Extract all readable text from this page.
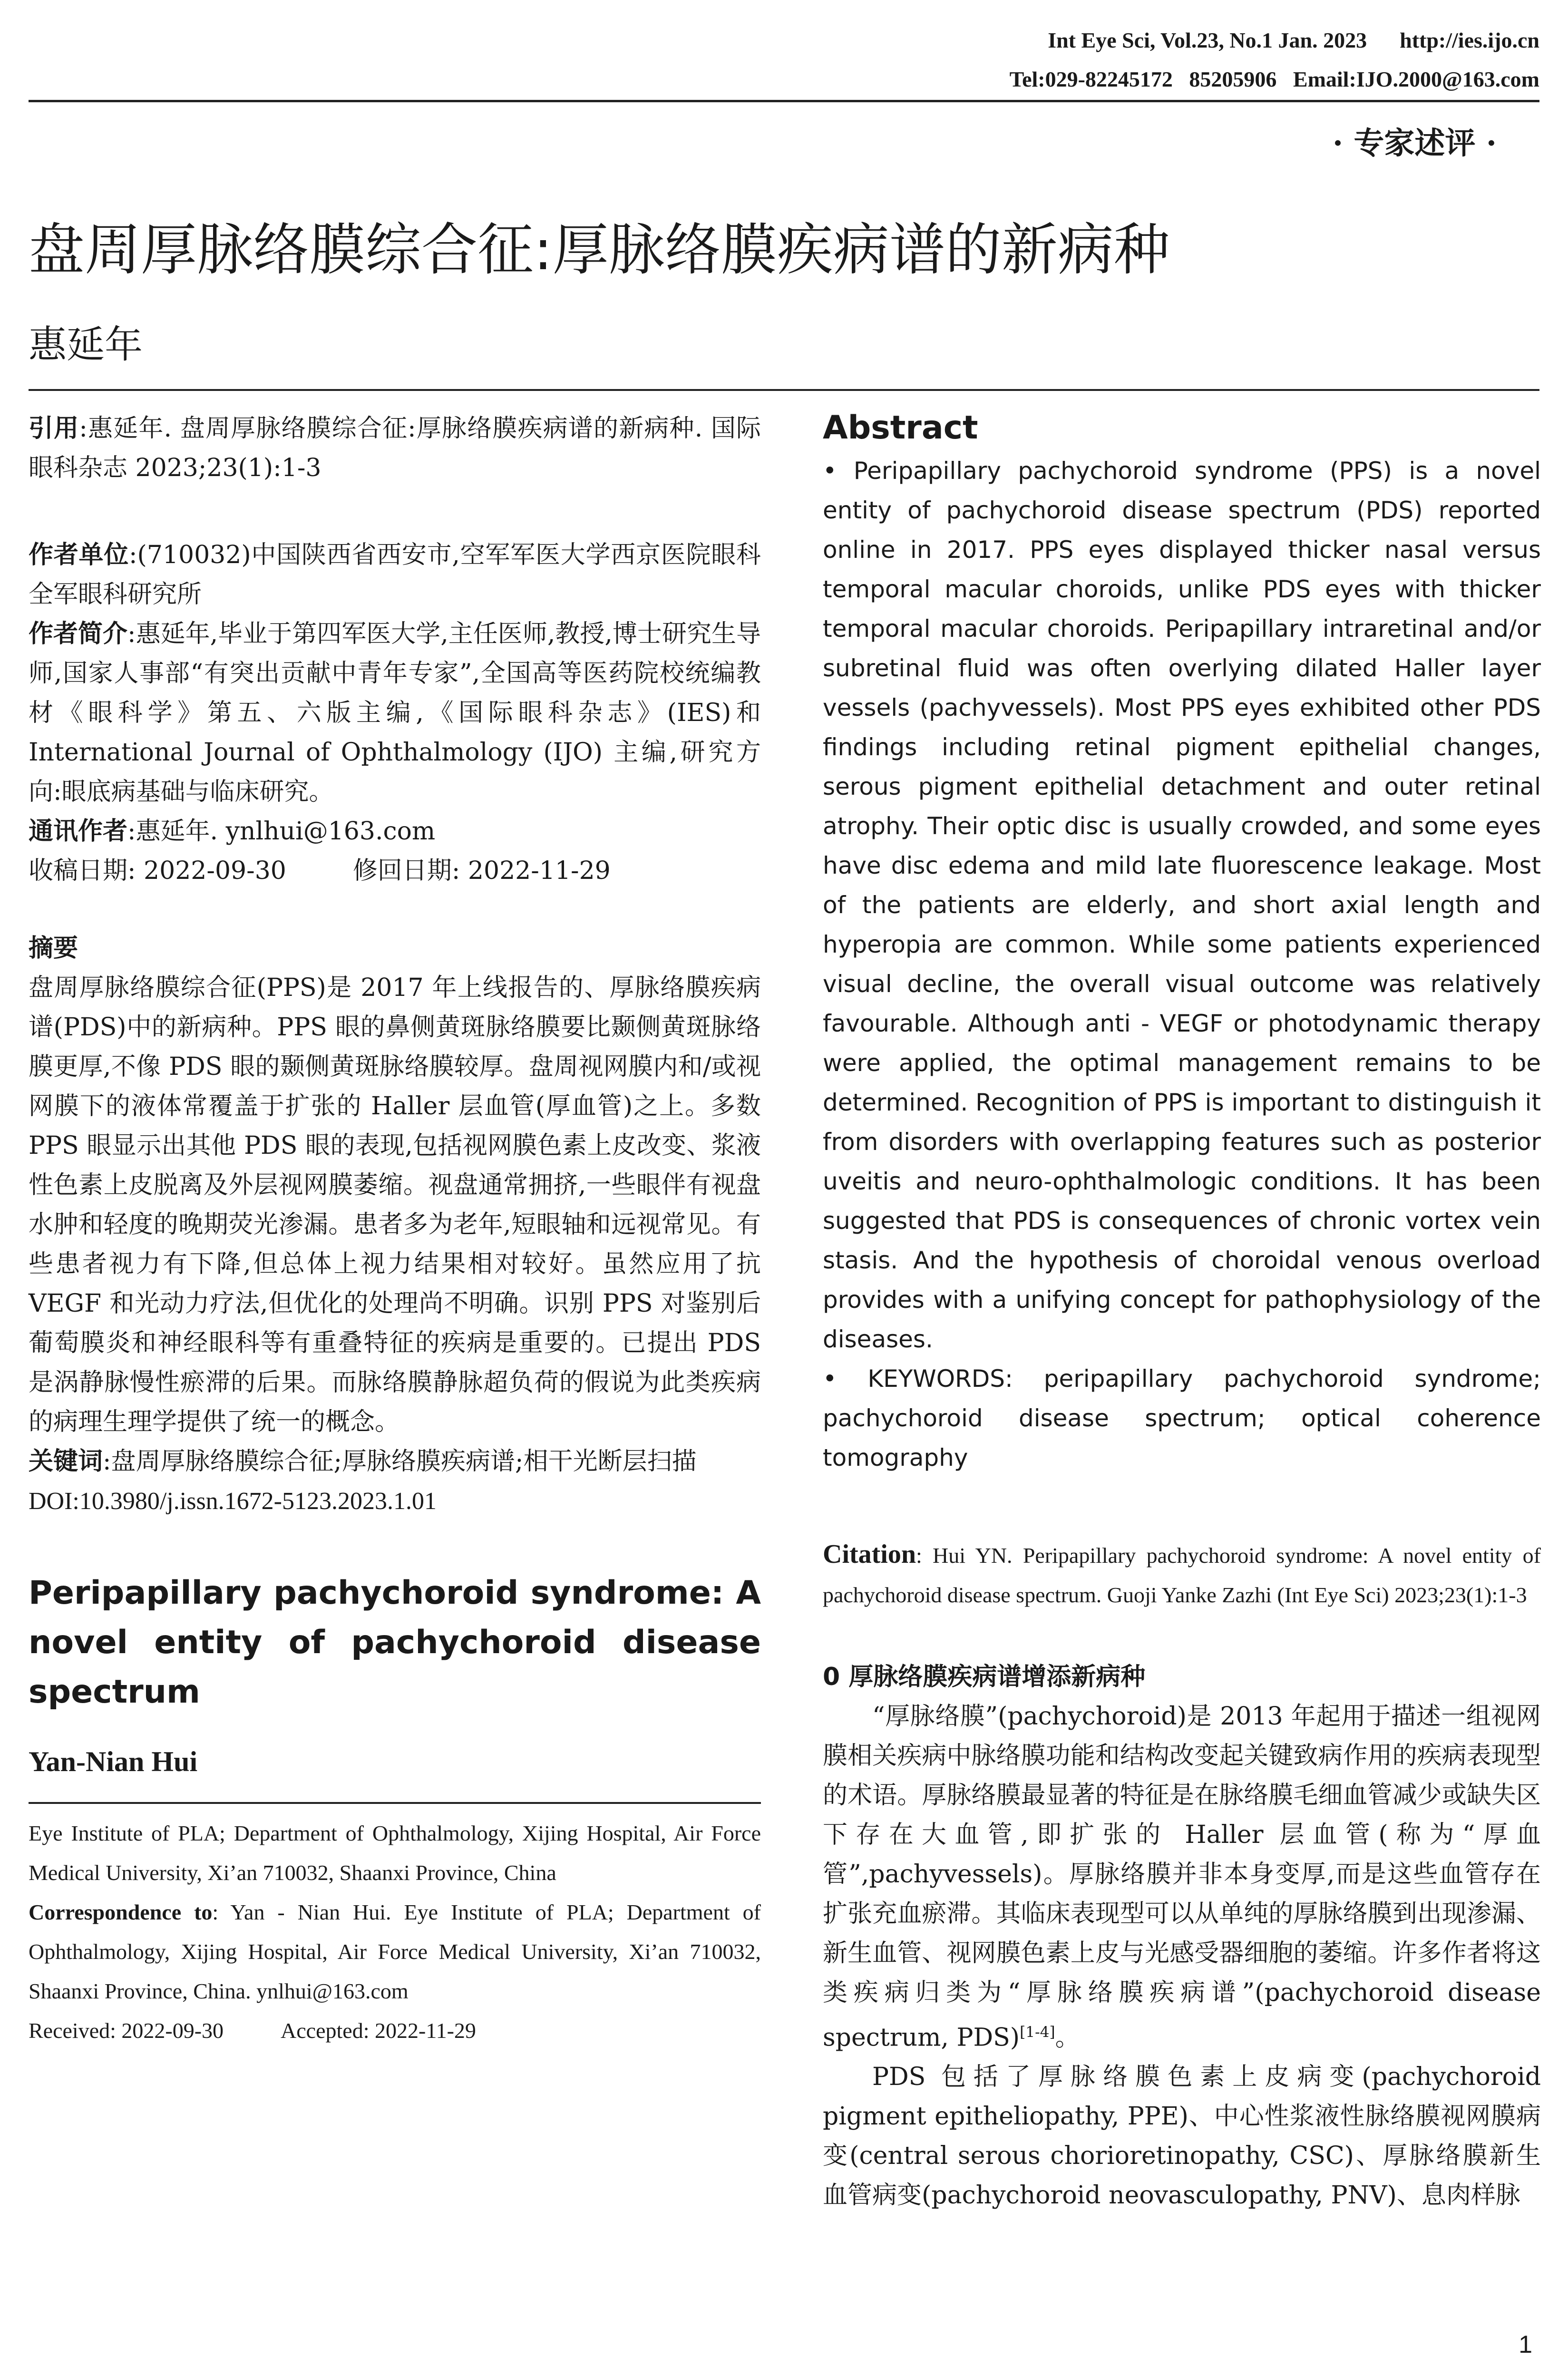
Int Eye Sci, Vol.23, No.1 Jan. 2023      http://ies.ijo.cn
Tel:029-82245172   85205906   Email:IJO.2000@163.com
· 专家述评 ·
盘周厚脉络膜综合征:厚脉络膜疾病谱的新病种
惠延年

引用:惠延年. 盘周厚脉络膜综合征:厚脉络膜疾病谱的新病种. 国际眼科杂志 2023;23(1):1-3

作者单位:(710032)中国陕西省西安市,空军军医大学西京医院眼科 全军眼科研究所

作者简介:惠延年,毕业于第四军医大学,主任医师,教授,博士研究生导师,国家人事部“有突出贡献中青年专家”,全国高等医药院校统编教材《眼科学》第五、六版主编,《国际眼科杂志》(IES)和 International Journal of Ophthalmology (IJO) 主编,研究方向:眼底病基础与临床研究。

通讯作者:惠延年. ynlhui@163.com

收稿日期: 2022-09-30	修回日期: 2022-11-29

摘要

盘周厚脉络膜综合征(PPS)是 2017 年上线报告的、厚脉络膜疾病谱(PDS)中的新病种。PPS 眼的鼻侧黄斑脉络膜要比颞侧黄斑脉络膜更厚,不像 PDS 眼的颞侧黄斑脉络膜较厚。盘周视网膜内和/或视网膜下的液体常覆盖于扩张的 Haller 层血管(厚血管)之上。多数 PPS 眼显示出其他 PDS 眼的表现,包括视网膜色素上皮改变、浆液性色素上皮脱离及外层视网膜萎缩。视盘通常拥挤,一些眼伴有视盘水肿和轻度的晚期荧光渗漏。患者多为老年,短眼轴和远视常见。有些患者视力有下降,但总体上视力结果相对较好。虽然应用了抗 VEGF 和光动力疗法,但优化的处理尚不明确。识别 PPS 对鉴别后葡萄膜炎和神经眼科等有重叠特征的疾病是重要的。已提出 PDS 是涡静脉慢性瘀滞的后果。而脉络膜静脉超负荷的假说为此类疾病的病理生理学提供了统一的概念。

关键词:盘周厚脉络膜综合征;厚脉络膜疾病谱;相干光断层扫描

DOI:10.3980/j.issn.1672-5123.2023.1.01

Peripapillary pachychoroid syndrome: A novel entity of pachychoroid disease spectrum

Yan-Nian Hui

Eye Institute of PLA; Department of Ophthalmology, Xijing Hospital, Air Force Medical University, Xi’an 710032, Shaanxi Province, China

Correspondence to: Yan - Nian Hui. Eye Institute of PLA; Department of Ophthalmology, Xijing Hospital, Air Force Medical University, Xi’an 710032, Shaanxi Province, China. ynlhui@163.com

Received: 2022-09-30	Accepted: 2022-11-29

Abstract

• Peripapillary pachychoroid syndrome (PPS) is a novel entity of pachychoroid disease spectrum (PDS) reported online in 2017. PPS eyes displayed thicker nasal versus temporal macular choroids, unlike PDS eyes with thicker temporal macular choroids. Peripapillary intraretinal and/or subretinal fluid was often overlying dilated Haller layer vessels (pachyvessels). Most PPS eyes exhibited other PDS findings including retinal pigment epithelial changes, serous pigment epithelial detachment and outer retinal atrophy. Their optic disc is usually crowded, and some eyes have disc edema and mild late fluorescence leakage. Most of the patients are elderly, and short axial length and hyperopia are common. While some patients experienced visual decline, the overall visual outcome was relatively favourable. Although anti - VEGF or photodynamic therapy were applied, the optimal management remains to be determined. Recognition of PPS is important to distinguish it from disorders with overlapping features such as posterior uveitis and neuro-ophthalmologic conditions. It has been suggested that PDS is consequences of chronic vortex vein stasis. And the hypothesis of choroidal venous overload provides with a unifying concept for pathophysiology of the diseases.

• KEYWORDS: peripapillary pachychoroid syndrome; pachychoroid disease spectrum; optical coherence tomography

Citation: Hui YN. Peripapillary pachychoroid syndrome: A novel entity of pachychoroid disease spectrum. Guoji Yanke Zazhi (Int Eye Sci) 2023;23(1):1-3

0 厚脉络膜疾病谱增添新病种

“厚脉络膜”(pachychoroid)是 2013 年起用于描述一组视网膜相关疾病中脉络膜功能和结构改变起关键致病作用的疾病表现型的术语。厚脉络膜最显著的特征是在脉络膜毛细血管减少或缺失区下存在大血管,即扩张的 Haller 层血管(称为“厚血管”,pachyvessels)。厚脉络膜并非本身变厚,而是这些血管存在扩张充血瘀滞。其临床表现型可以从单纯的厚脉络膜到出现渗漏、新生血管、视网膜色素上皮与光感受器细胞的萎缩。许多作者将这类疾病归类为“厚脉络膜疾病谱”(pachychoroid disease spectrum, PDS)[1-4]。

PDS 包括了厚脉络膜色素上皮病变(pachychoroid pigment epitheliopathy, PPE)、中心性浆液性脉络膜视网膜病变(central serous chorioretinopathy, CSC)、厚脉络膜新生血管病变(pachychoroid neovasculopathy, PNV)、息肉样脉

1
